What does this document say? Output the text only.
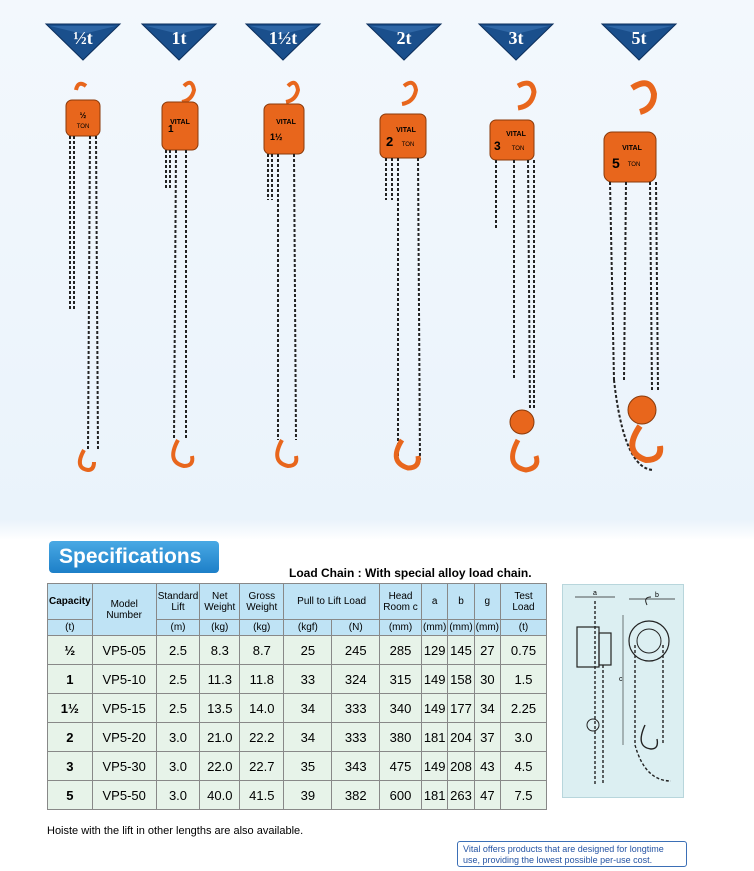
½t	1t	1½t	2t	3t	5t
½
TON
VITAL
1
VITAL
1½
VITAL
2 TON
VITAL
3 TON	VITAL
5 TON
Specifications
Load Chain : With special alloy load chain.
Capacity	Model Number	Standard Lift	Net Weight	Gross Weight	Pull to Lift Load		Head Room c	a	b	g	Test Load
(t)		(m)	(kg)	(kg)	(kgf)	(N)	(mm)	(mm)	(mm)	(mm)	(t)
½	VP5-05	2.5	8.3	8.7	25	245	285	129	145	27	0.75
1	VP5-10	2.5	11.3	11.8	33	324	315	149	158	30	1.5
1½	VP5-15	2.5	13.5	14.0	34	333	340	149	177	34	2.25
2	VP5-20	3.0	21.0	22.2	34	333	380	181	204	37	3.0
3	VP5-30	3.0	22.0	22.7	35	343	475	149	208	43	4.5
5	VP5-50	3.0	40.0	41.5	39	382	600	181	263	47	7.5
a	b
c
Hoiste with the lift in other lengths are also available.
Vital offers products that are designed for longtime use, providing the lowest possible per-use cost.
